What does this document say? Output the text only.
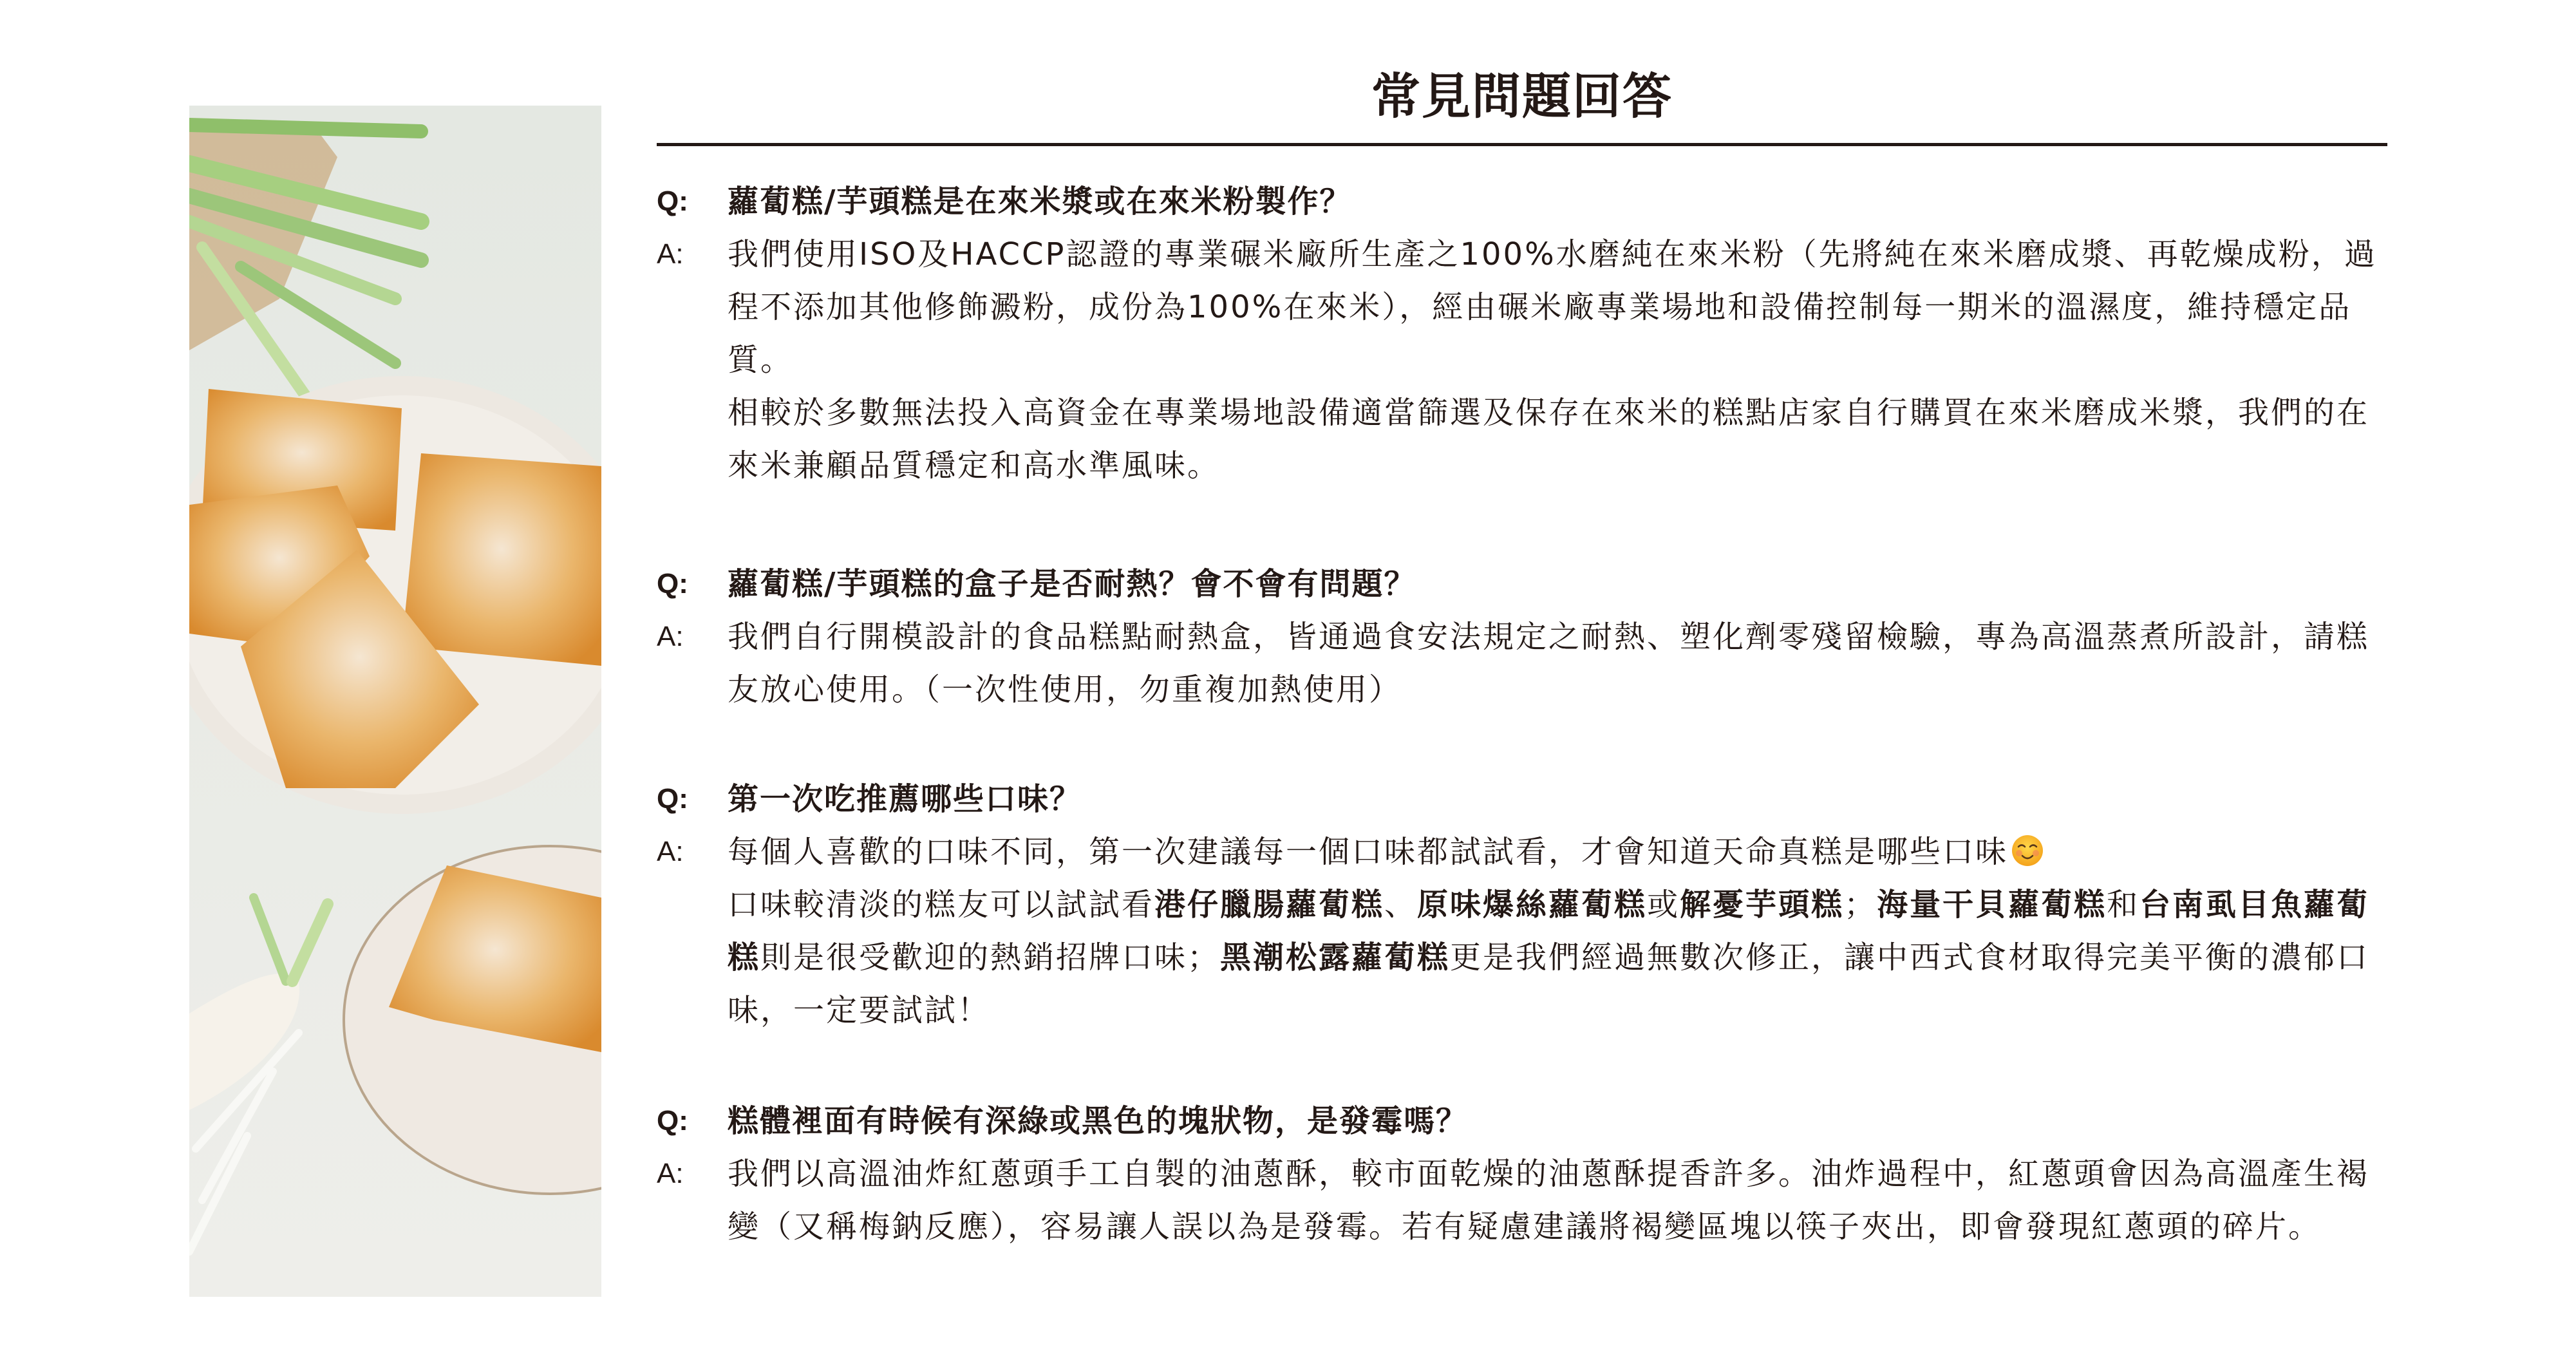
常見問題回答
Q:	蘿蔔糕/芋頭糕是在來米漿或在來米粉製作？
A:	我們使用ISO及HACCP認證的專業碾米廠所生產之100%水磨純在來米粉（先將純在來米磨成漿、再乾燥成粉，過程不添加其他修飾澱粉，成份為100%在來米），經由碾米廠專業場地和設備控制每一期米的溫濕度，維持穩定品質。
相較於多數無法投入高資金在專業場地設備適當篩選及保存在來米的糕點店家自行購買在來米磨成米漿，我們的在來米兼顧品質穩定和高水準風味。
Q:	蘿蔔糕/芋頭糕的盒子是否耐熱？會不會有問題？
A:	我們自行開模設計的食品糕點耐熱盒，皆通過食安法規定之耐熱、塑化劑零殘留檢驗，專為高溫蒸煮所設計，請糕友放心使用。（一次性使用，勿重複加熱使用）
Q:	第一次吃推薦哪些口味？
A:	每個人喜歡的口味不同，第一次建議每一個口味都試試看，才會知道天命真糕是哪些口味
口味較清淡的糕友可以試試看港仔臘腸蘿蔔糕、原味爆絲蘿蔔糕或解憂芋頭糕；海量干貝蘿蔔糕和台南虱目魚蘿蔔糕則是很受歡迎的熱銷招牌口味；黑潮松露蘿蔔糕更是我們經過無數次修正，讓中西式食材取得完美平衡的濃郁口味，一定要試試！
Q:	糕體裡面有時候有深綠或黑色的塊狀物，是發霉嗎？
A:	我們以高溫油炸紅蔥頭手工自製的油蔥酥，較市面乾燥的油蔥酥提香許多。油炸過程中，紅蔥頭會因為高溫產生褐變（又稱梅鈉反應），容易讓人誤以為是發霉。若有疑慮建議將褐變區塊以筷子夾出，即會發現紅蔥頭的碎片。
